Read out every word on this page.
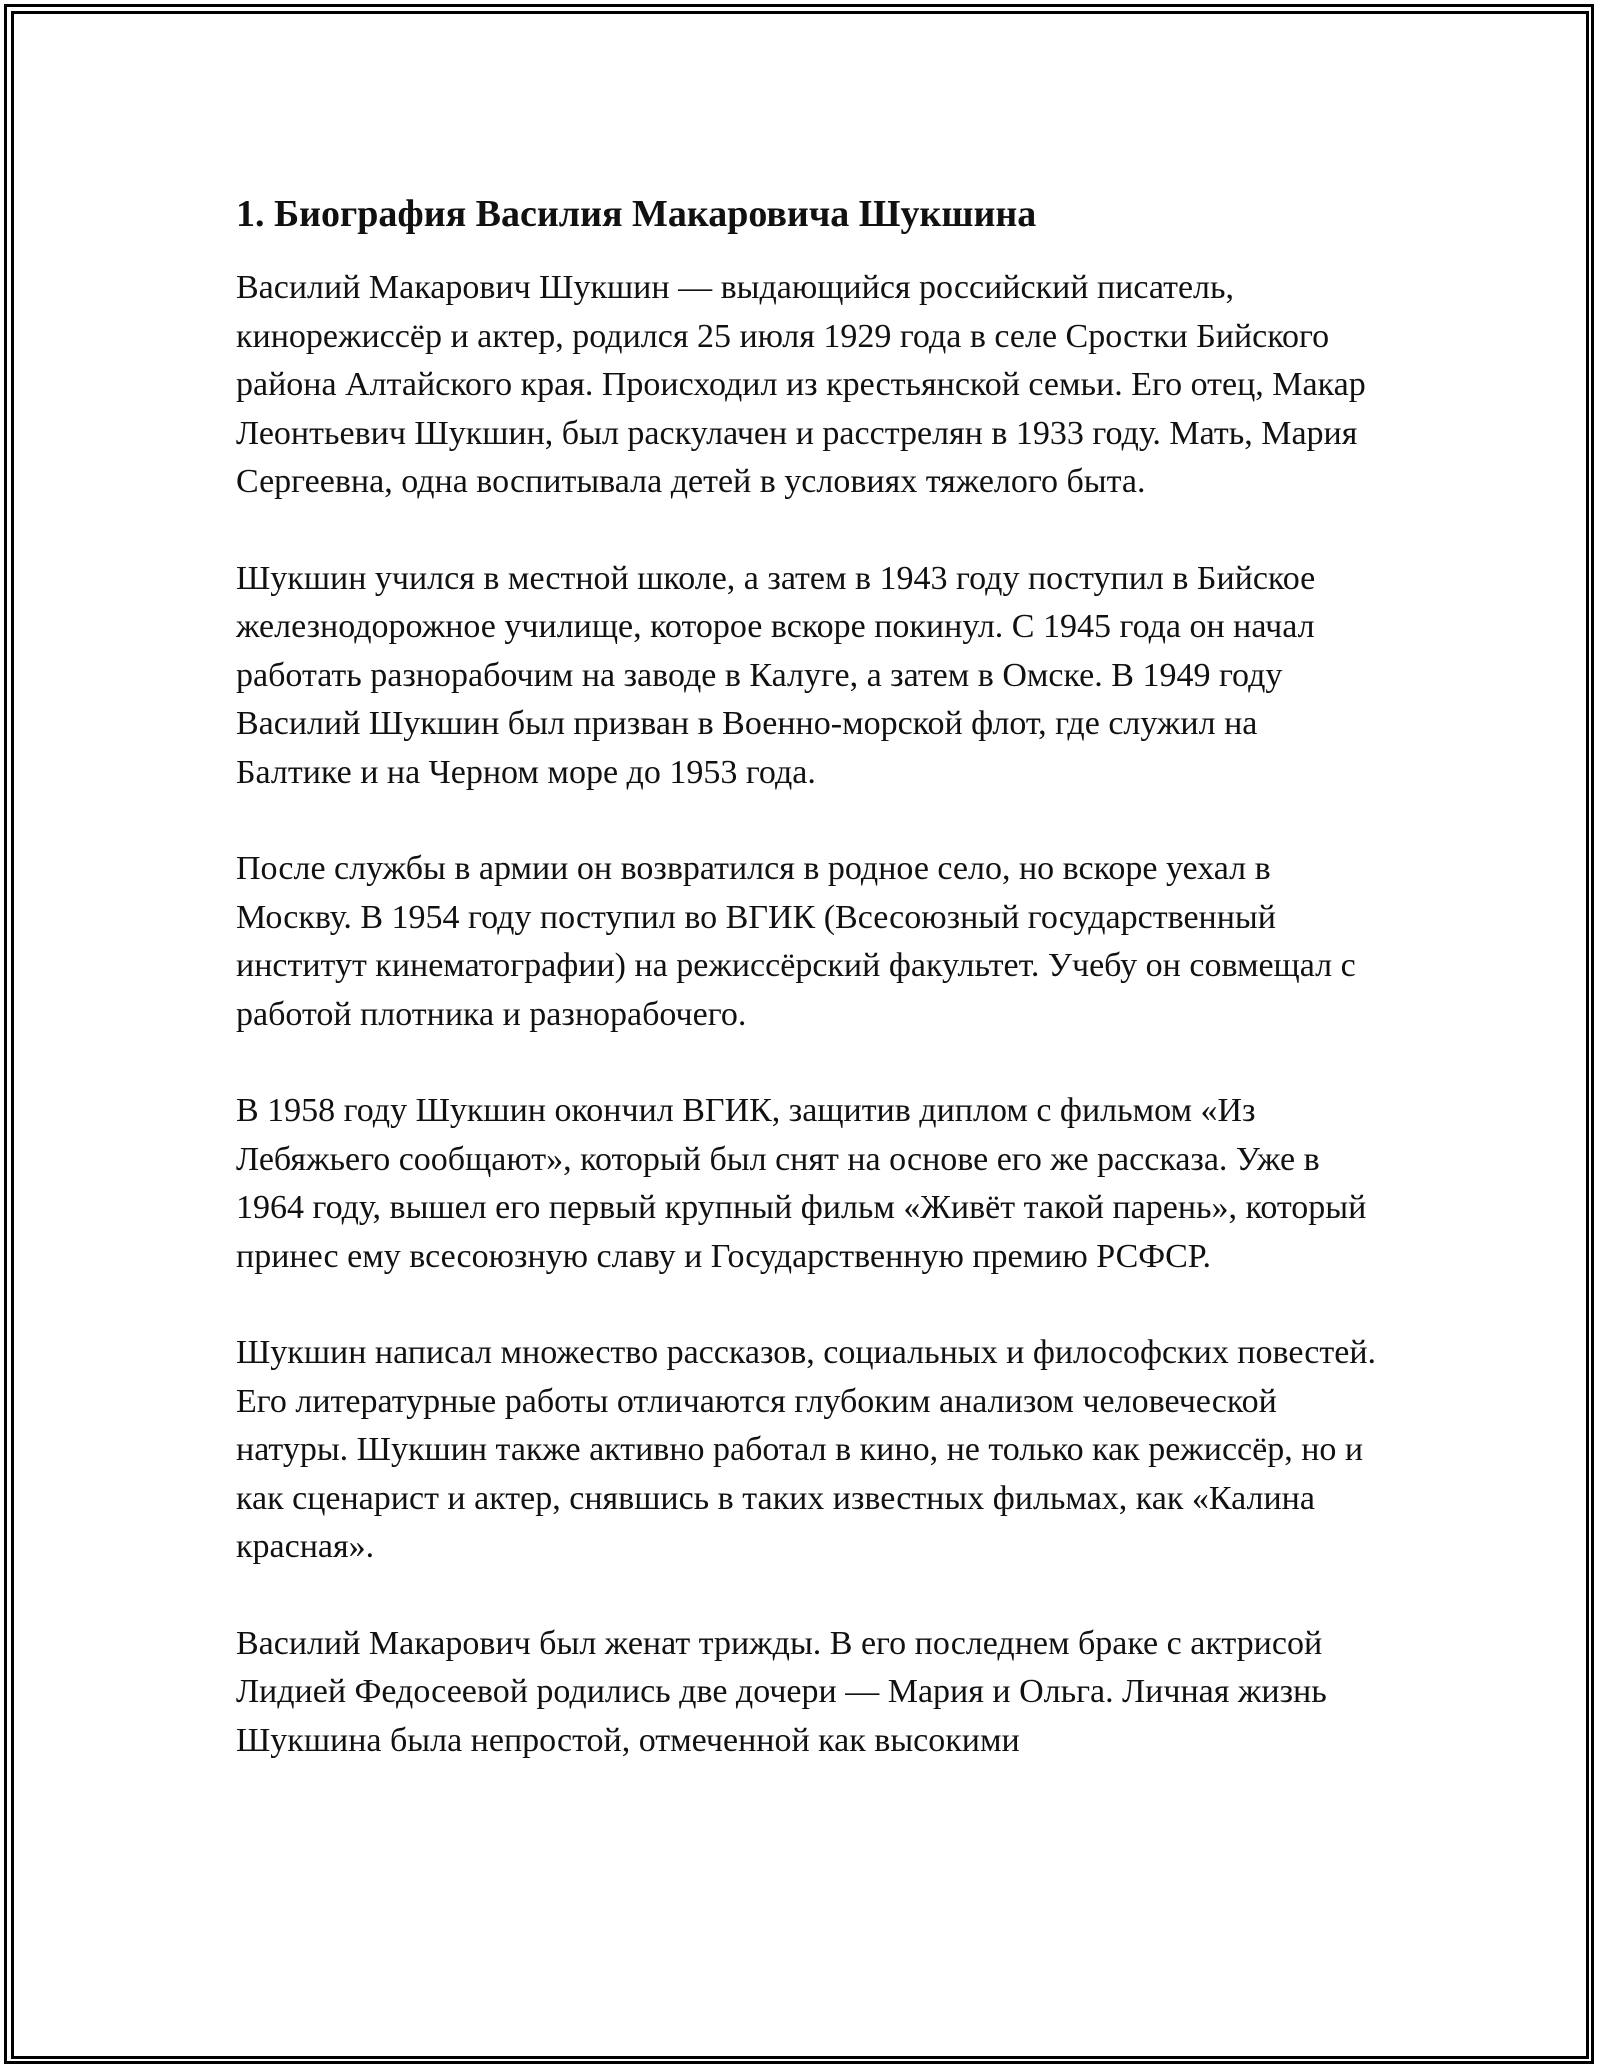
1. Биография Василия Макаровича Шукшина

Василий Макарович Шукшин — выдающийся российский писатель, кинорежиссёр и актер, родился 25 июля 1929 года в селе Сростки Бийского района Алтайского края. Происходил из крестьянской семьи. Его отец, Макар Леонтьевич Шукшин, был раскулачен и расстрелян в 1933 году. Мать, Мария Сергеевна, одна воспитывала детей в условиях тяжелого быта.

Шукшин учился в местной школе, а затем в 1943 году поступил в Бийское железнодорожное училище, которое вскоре покинул. С 1945 года он начал работать разнорабочим на заводе в Калуге, а затем в Омске. В 1949 году Василий Шукшин был призван в Военно-морской флот, где служил на Балтике и на Черном море до 1953 года.

После службы в армии он возвратился в родное село, но вскоре уехал в Москву. В 1954 году поступил во ВГИК (Всесоюзный государственный институт кинематографии) на режиссёрский факультет. Учебу он совмещал с работой плотника и разнорабочего.

В 1958 году Шукшин окончил ВГИК, защитив диплом с фильмом «Из Лебяжьего сообщают», который был снят на основе его же рассказа. Уже в 1964 году, вышел его первый крупный фильм «Живёт такой парень», который принес ему всесоюзную славу и Государственную премию РСФСР.

Шукшин написал множество рассказов, социальных и философских повестей. Его литературные работы отличаются глубоким анализом человеческой натуры. Шукшин также активно работал в кино, не только как режиссёр, но и как сценарист и актер, снявшись в таких известных фильмах, как «Калина красная».

Василий Макарович был женат трижды. В его последнем браке с актрисой Лидией Федосеевой родились две дочери — Мария и Ольга. Личная жизнь Шукшина была непростой, отмеченной как высокими
